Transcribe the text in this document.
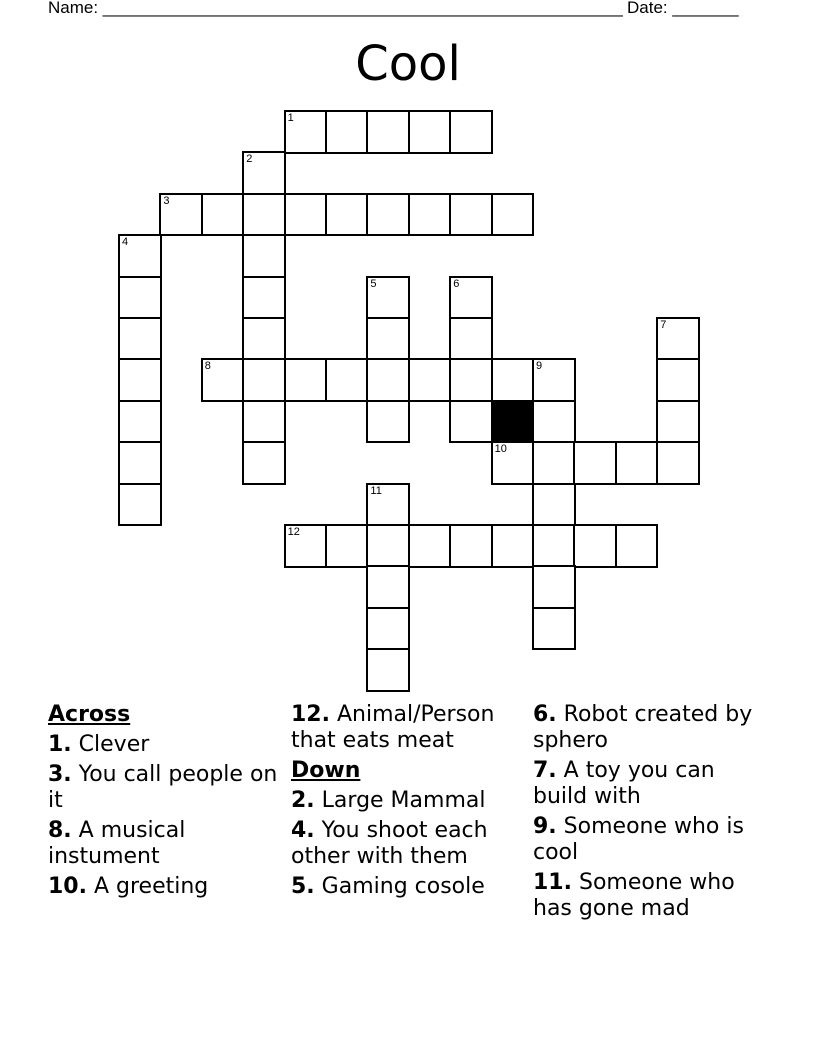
Name: _______________________________________________________ Date: _______
Cool
1
2
3
4
5	6
7
8	9
10
11
12
Across
1. Clever
3. You call people on it
8. A musical instument
10. A greeting
12. Animal/Person that eats meat
Down
2. Large Mammal
4. You shoot each other with them
5. Gaming cosole
6. Robot created by sphero
7. A toy you can build with
9. Someone who is cool
11. Someone who has gone mad
